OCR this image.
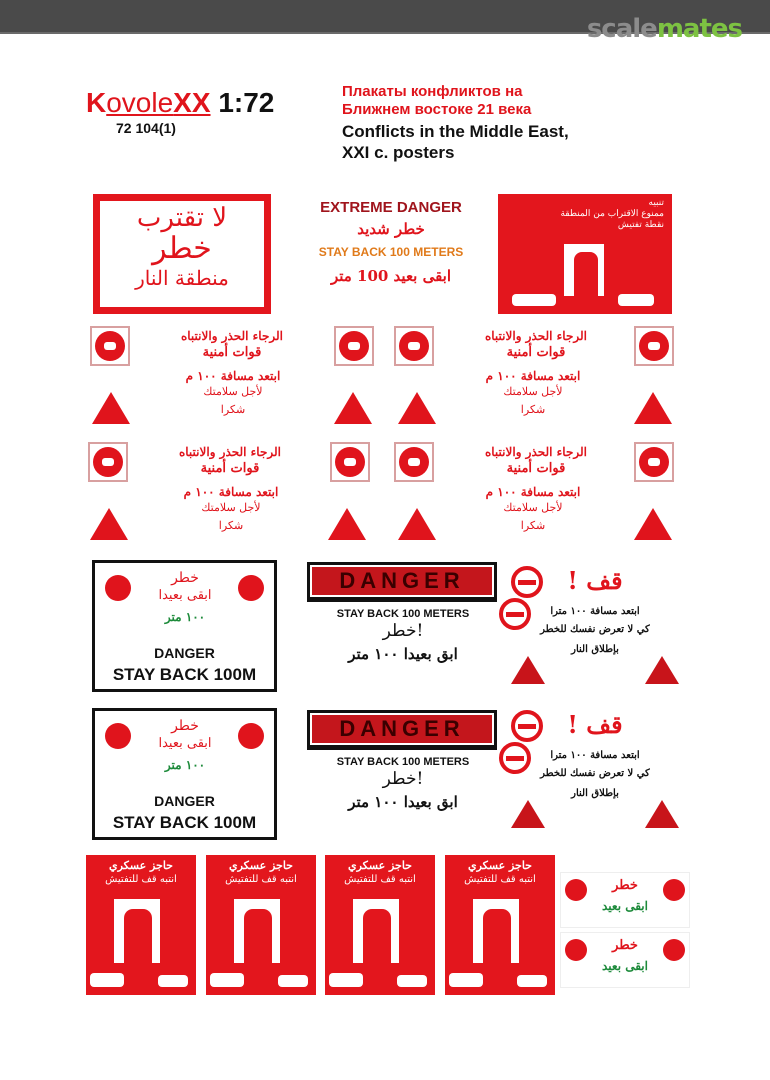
scalemates
KovoleXX 1:72
72 104(1)
Плакаты конфликтов на
Ближнем востоке 21 века
Conflicts in the Middle East,
XXI c. posters
لا تقترب
خطر
منطقة النار
EXTREME DANGER
خطر شديد
STAY BACK 100 METERS
ابقى بعيد 100 متر
تنبيه
ممنوع الاقتراب من المنطقة
نقطة تفتيش
الرجاء الحذر والانتباه
قوات أمنية
ابتعد مسافة ١٠٠ م
لأجل سلامتك
شكرا
الرجاء الحذر والانتباه
قوات أمنية
ابتعد مسافة ١٠٠ م
لأجل سلامتك
شكرا
الرجاء الحذر والانتباه
قوات أمنية
ابتعد مسافة ١٠٠ م
لأجل سلامتك
شكرا
الرجاء الحذر والانتباه
قوات أمنية
ابتعد مسافة ١٠٠ م
لأجل سلامتك
شكرا
خطر
ابقى بعيدا
١٠٠ متر
DANGER
STAY BACK 100M
DANGER
STAY BACK 100 METERS
!خطر
ابق بعيدا ١٠٠ متر
قف !
ابتعد مسافة ١٠٠ مترا
كي لا تعرض نفسك للخطر
بإطلاق النار
خطر
ابقى بعيدا
١٠٠ متر
DANGER
STAY BACK 100M
DANGER
STAY BACK 100 METERS
!خطر
ابق بعيدا ١٠٠ متر
قف !
ابتعد مسافة ١٠٠ مترا
كي لا تعرض نفسك للخطر
بإطلاق النار
حاجز عسكري
انتبه قف للتفتيش
حاجز عسكري
انتبه قف للتفتيش
حاجز عسكري
انتبه قف للتفتيش
حاجز عسكري
انتبه قف للتفتيش	خطر
ابقى بعيد
خطر
ابقى بعيد
